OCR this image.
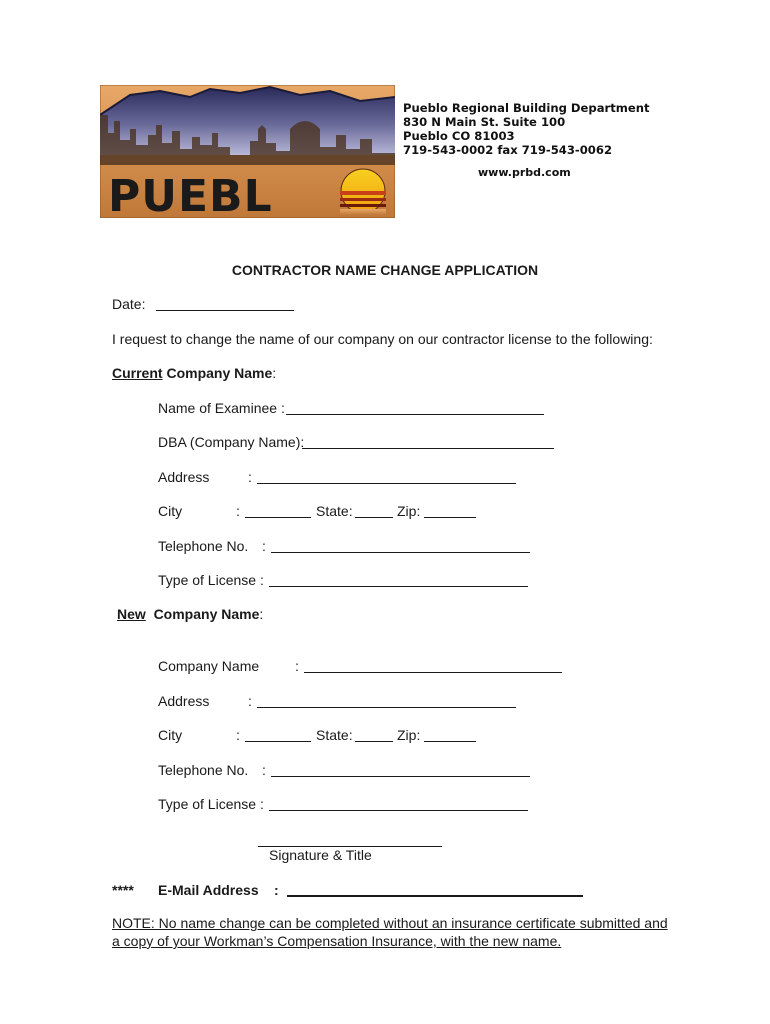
PUEBL
Pueblo Regional Building Department
830 N Main St. Suite 100
Pueblo CO 81003
719-543-0002 fax 719-543-0062
www.prbd.com
CONTRACTOR NAME CHANGE APPLICATION
Date:
I request to change the name of our company on our contractor license to the following:
Current Company Name:
Name of Examinee :
DBA (Company Name):
Address	:
City	:	State:	Zip:
Telephone No. :
Type of License :
New  Company Name:
Company Name	:
Address	:
City	:	State:	Zip:
Telephone No. :
Type of License :
Signature & Title
**** E-Mail Address :
NOTE: No name change can be completed without an insurance certificate submitted and a copy of your Workman’s Compensation Insurance, with the new name.
